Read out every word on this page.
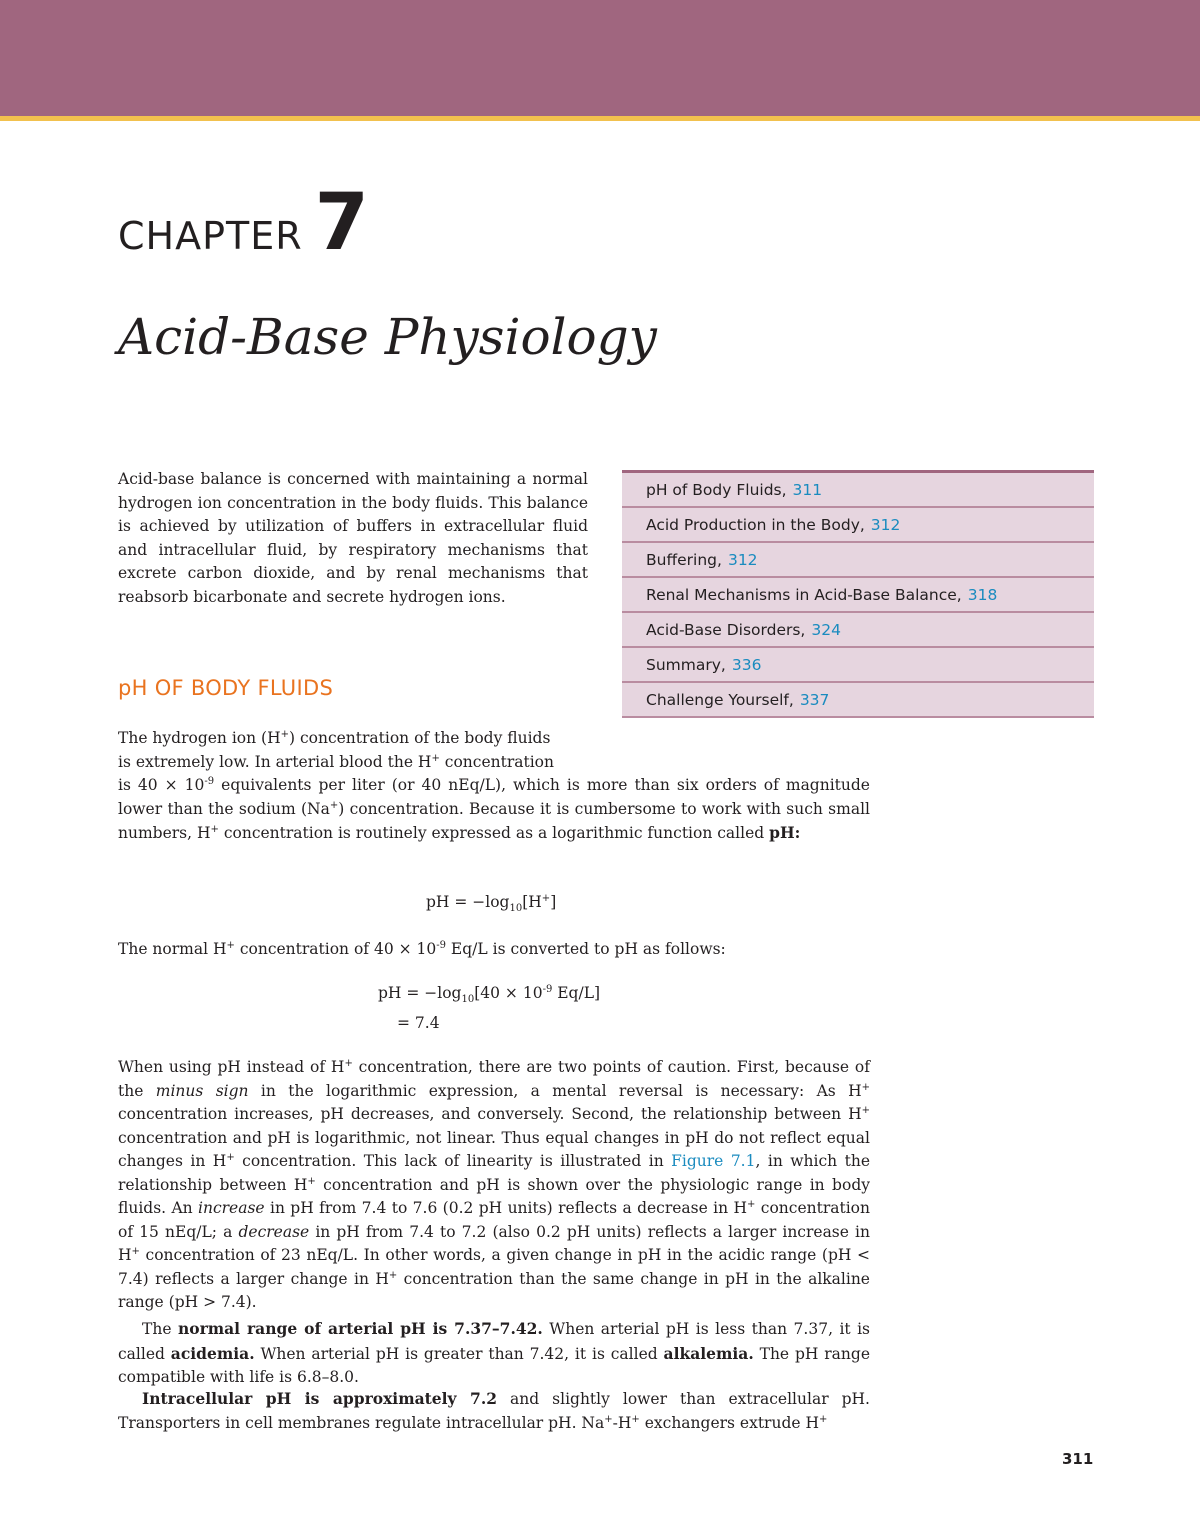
CHAPTER 7
Acid-Base Physiology

Acid-base balance is concerned with maintaining a normal hydrogen ion concentration in the body fluids. This balance is achieved by utilization of buffers in extracellular fluid and intracellular fluid, by respiratory mechanisms that excrete carbon dioxide, and by renal mechanisms that reabsorb bicarbonate and secrete hydrogen ions.

pH of Body Fluids, 311
Acid Production in the Body, 312
Buffering, 312
Renal Mechanisms in Acid-Base Balance, 318
Acid-Base Disorders, 324
Summary, 336
Challenge Yourself, 337
pH OF BODY FLUIDS
The hydrogen ion (H+) concentration of the body fluids
is extremely low. In arterial blood the H+ concentration

is $40 \times 10^{-9}$ equivalents per liter (or 40 nEq/L), which is more than six orders of magnitude lower than the sodium (Na+) concentration. Because it is cumbersome to work with such small numbers, H+ concentration is routinely expressed as a logarithmic function called pH:

pH = $-\log_{10}[H^+]$
The normal H+ concentration of $40 \times 10^{-9}$ Eq/L is converted to pH as follows:
pH = $-\log_{10}[40 \times 10^{-9}$ Eq/L]
= 7.4

When using pH instead of H+ concentration, there are two points of caution. First, because of the minus sign in the logarithmic expression, a mental reversal is necessary: As H+ concentration increases, pH decreases, and conversely. Second, the relationship between H+ concentration and pH is logarithmic, not linear. Thus equal changes in pH do not reflect equal changes in H+ concentration. This lack of linearity is illustrated in Figure 7.1, in which the relationship between H+ concentration and pH is shown over the physiologic range in body fluids. An increase in pH from 7.4 to 7.6 (0.2 pH units) reflects a decrease in H+ concentration of 15 nEq/L; a decrease in pH from 7.4 to 7.2 (also 0.2 pH units) reflects a larger increase in H+ concentration of 23 nEq/L. In other words, a given change in pH in the acidic range (pH < 7.4) reflects a larger change in H+ concentration than the same change in pH in the alkaline range (pH > 7.4).

The normal range of arterial pH is 7.37–7.42. When arterial pH is less than 7.37, it is called acidemia. When arterial pH is greater than 7.42, it is called alkalemia. The pH range compatible with life is 6.8–8.0.

Intracellular pH is approximately 7.2 and slightly lower than extracellular pH. Transporters in cell membranes regulate intracellular pH. Na+-H+ exchangers extrude H+

311
